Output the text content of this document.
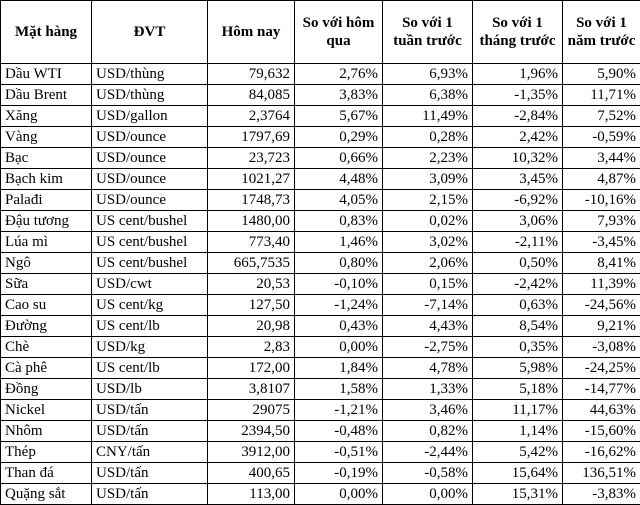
Mặt hàng	ĐVT	Hôm nay	So với hôm qua	So với 1 tuần trước	So với 1 tháng trước	So với 1 năm trước
Dầu WTI	USD/thùng	79,632	2,76%	6,93%	1,96%	5,90%
Dầu Brent	USD/thùng	84,085	3,83%	6,38%	-1,35%	11,71%
Xăng	USD/gallon	2,3764	5,67%	11,49%	-2,84%	7,52%
Vàng	USD/ounce	1797,69	0,29%	0,28%	2,42%	-0,59%
Bạc	USD/ounce	23,723	0,66%	2,23%	10,32%	3,44%
Bạch kim	USD/ounce	1021,27	4,48%	3,09%	3,45%	4,87%
Palađi	USD/ounce	1748,73	4,05%	2,15%	-6,92%	-10,16%
Đậu tương	US cent/bushel	1480,00	0,83%	0,02%	3,06%	7,93%
Lúa mì	US cent/bushel	773,40	1,46%	3,02%	-2,11%	-3,45%
Ngô	US cent/bushel	665,7535	0,80%	2,06%	0,50%	8,41%
Sữa	USD/cwt	20,53	-0,10%	0,15%	-2,42%	11,39%
Cao su	US cent/kg	127,50	-1,24%	-7,14%	0,63%	-24,56%
Đường	US cent/lb	20,98	0,43%	4,43%	8,54%	9,21%
Chè	USD/kg	2,83	0,00%	-2,75%	0,35%	-3,08%
Cà phê	US cent/lb	172,00	1,84%	4,78%	5,98%	-24,25%
Đồng	USD/lb	3,8107	1,58%	1,33%	5,18%	-14,77%
Nickel	USD/tấn	29075	-1,21%	3,46%	11,17%	44,63%
Nhôm	USD/tấn	2394,50	-0,48%	0,82%	1,14%	-15,60%
Thép	CNY/tấn	3912,00	-0,51%	-2,44%	5,42%	-16,62%
Than đá	USD/tấn	400,65	-0,19%	-0,58%	15,64%	136,51%
Quặng sắt	USD/tấn	113,00	0,00%	0,00%	15,31%	-3,83%
